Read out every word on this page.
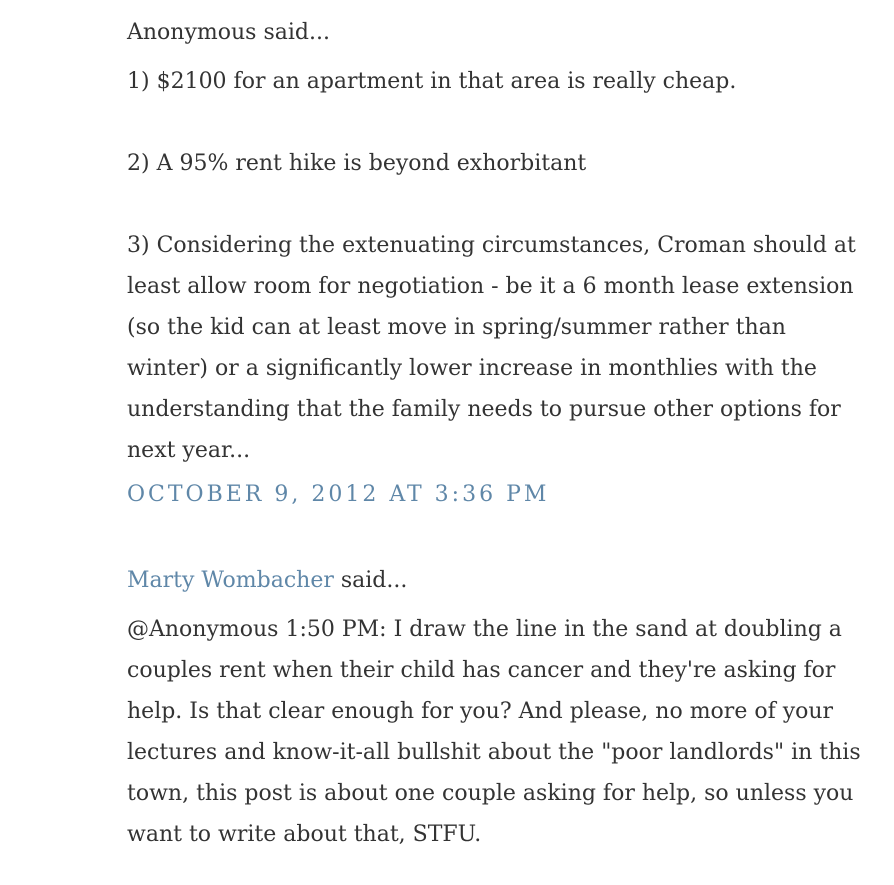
Anonymous said...

1) $2100 for an apartment in that area is really cheap.

2) A 95% rent hike is beyond exhorbitant

3) Considering the extenuating circumstances, Croman should at least allow room for negotiation - be it a 6 month lease extension (so the kid can at least move in spring/summer rather than winter) or a significantly lower increase in monthlies with the understanding that the family needs to pursue other options for next year...

OCTOBER 9, 2012 AT 3:36 PM
Marty Wombacher said...

@Anonymous 1:50 PM: I draw the line in the sand at doubling a couples rent when their child has cancer and they're asking for help. Is that clear enough for you? And please, no more of your lectures and know-it-all bullshit about the "poor landlords" in this town, this post is about one couple asking for help, so unless you want to write about that, STFU.
